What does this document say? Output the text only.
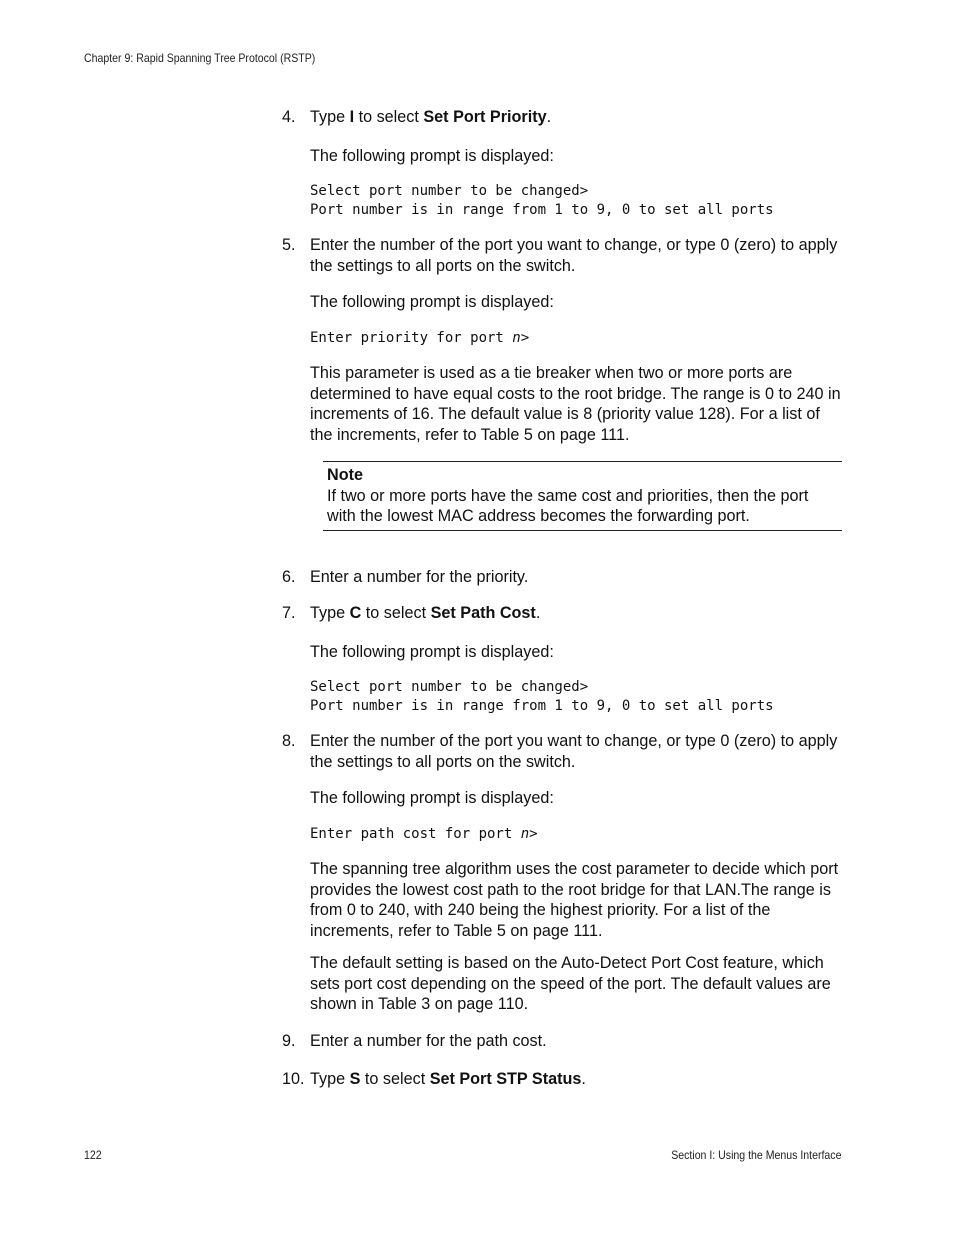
Chapter 9: Rapid Spanning Tree Protocol (RSTP)

4. Type I to select Set Port Priority.

The following prompt is displayed:

Select port number to be changed>
Port number is in range from 1 to 9, 0 to set all ports

5. Enter the number of the port you want to change, or type 0 (zero) to apply the settings to all ports on the switch.

The following prompt is displayed:

Enter priority for port n>

This parameter is used as a tie breaker when two or more ports are determined to have equal costs to the root bridge. The range is 0 to 240 in increments of 16. The default value is 8 (priority value 128). For a list of the increments, refer to Table 5 on page 111.

Note
If two or more ports have the same cost and priorities, then the port with the lowest MAC address becomes the forwarding port.

6. Enter a number for the priority.

7. Type C to select Set Path Cost.

The following prompt is displayed:

Select port number to be changed>
Port number is in range from 1 to 9, 0 to set all ports

8. Enter the number of the port you want to change, or type 0 (zero) to apply the settings to all ports on the switch.

The following prompt is displayed:

Enter path cost for port n>

The spanning tree algorithm uses the cost parameter to decide which port provides the lowest cost path to the root bridge for that LAN.The range is from 0 to 240, with 240 being the highest priority. For a list of the increments, refer to Table 5 on page 111.

The default setting is based on the Auto-Detect Port Cost feature, which sets port cost depending on the speed of the port. The default values are shown in Table 3 on page 110.

9. Enter a number for the path cost.

10. Type S to select Set Port STP Status.

122	Section I: Using the Menus Interface
